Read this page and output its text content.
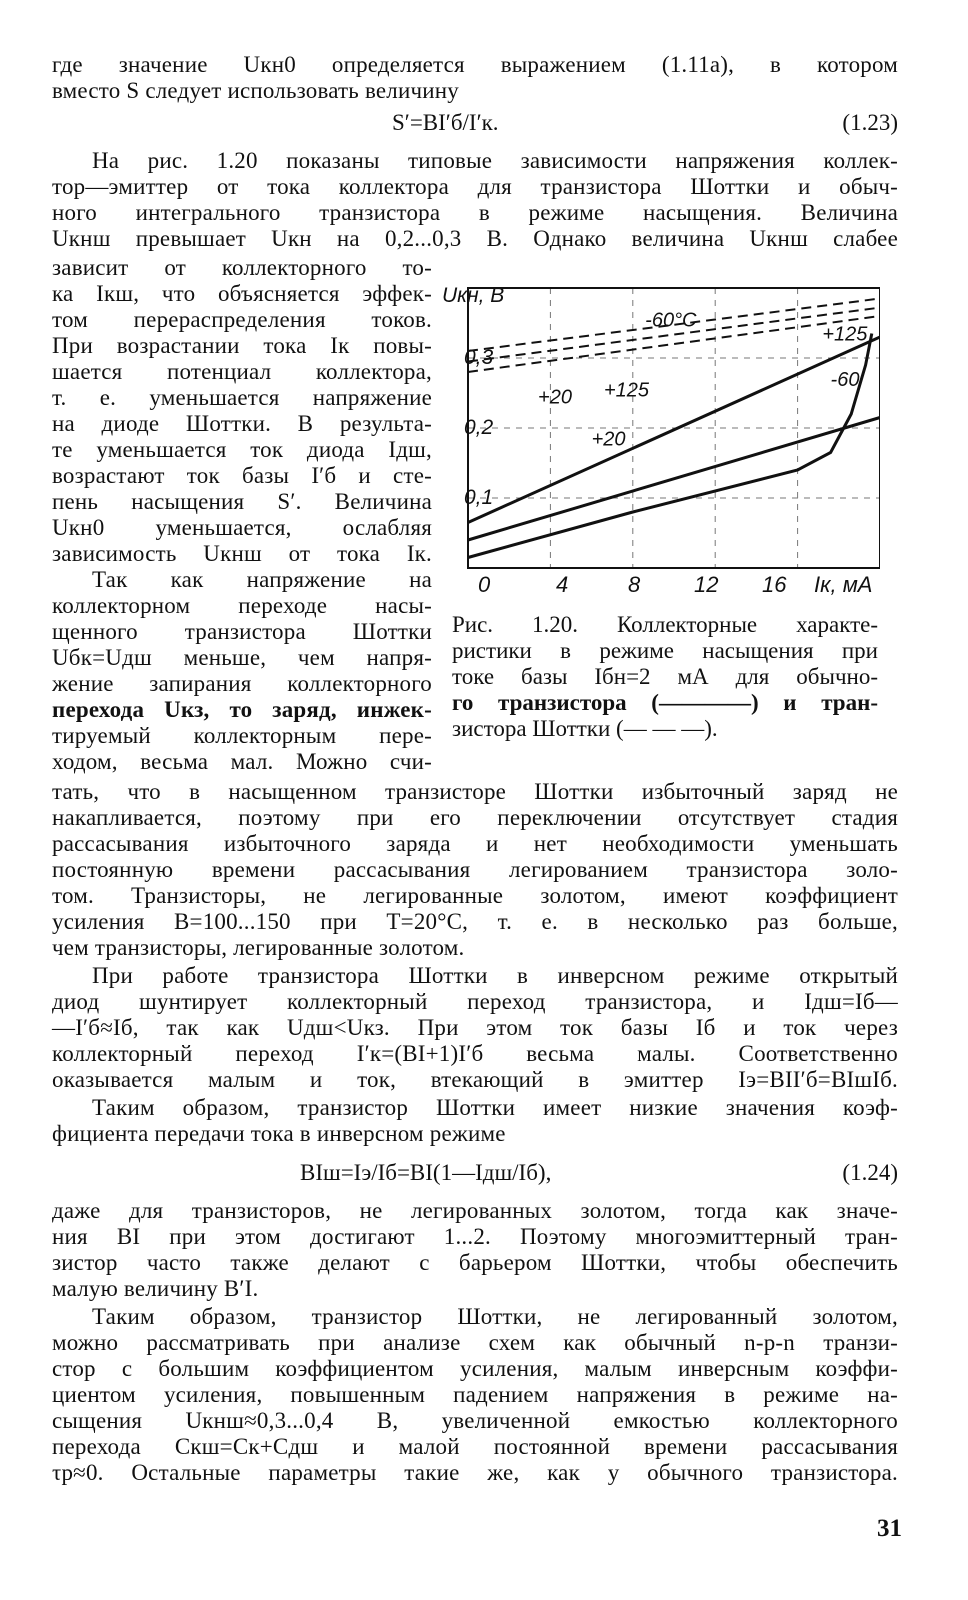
где значение Uкн0 определяется выражением (1.11а), в котором
вместо S следует использовать величину
S′=BI′б/I′к.	(1.23)
На рис. 1.20 показаны типовые зависимости напряжения коллек-
тор—эмиттер от тока коллектора для транзистора Шоттки и обыч-
ного интегрального транзистора в режиме насыщения. Величина
Uкнш превышает Uкн на 0,2...0,3 В. Однако величина Uкнш слабее
зависит от коллекторного то-
ка Iкш, что объясняется эффек-
том перераспределения токов.
При возрастании тока Iк повы-
шается потенциал коллектора,
т. е. уменьшается напряжение
на диоде Шоттки. В результа-
те уменьшается ток диода Iдш,
возрастают ток базы I′б и сте-
пень насыщения S′. Величина
Uкн0 уменьшается, ослабляя
зависимость Uкнш от тока Iк.
Так как напряжение на
коллекторном переходе насы-
щенного транзистора Шоттки
Uбк=Uдш меньше, чем напря-
жение запирания коллекторного
перехода Uкз, то заряд, инжек-
тируемый коллекторным пере-
ходом, весьма мал. Можно счи-
-60°C
+20 +125
+125
-60
+20
Uкн, В
Iк, мА
0,1
0,2
0,3
0	4	8 12 16
Рис. 1.20. Коллекторные характе-
ристики в режиме насыщения при
токе базы Iбн=2 мА для обычно-
го транзистора (————) и тран-
зистора Шоттки (— — —).
тать, что в насыщенном транзисторе Шоттки избыточный заряд не
накапливается, поэтому при его переключении отсутствует стадия
рассасывания избыточного заряда и нет необходимости уменьшать
постоянную времени рассасывания легированием транзистора золо-
том. Транзисторы, не легированные золотом, имеют коэффициент
усиления B=100...150 при T=20°С, т. е. в несколько раз больше,
чем транзисторы, легированные золотом.
При работе транзистора Шоттки в инверсном режиме открытый
диод шунтирует коллекторный переход транзистора, и Iдш=Iб—
—I′б≈Iб, так как Uдш<Uкз. При этом ток базы Iб и ток через
коллекторный переход I′к=(BI+1)I′б весьма малы. Соответственно
оказывается малым и ток, втекающий в эмиттер Iэ=BII′б=BIшIб.
Таким образом, транзистор Шоттки имеет низкие значения коэф-
фициента передачи тока в инверсном режиме
BIш=Iэ/Iб=BI(1—Iдш/Iб),	(1.24)
даже для транзисторов, не легированных золотом, тогда как значе-
ния BI при этом достигают 1...2. Поэтому многоэмиттерный тран-
зистор часто также делают с барьером Шоттки, чтобы обеспечить
малую величину B′I.
Таким образом, транзистор Шоттки, не легированный золотом,
можно рассматривать при анализе схем как обычный n-p-n транзи-
стор с большим коэффициентом усиления, малым инверсным коэффи-
циентом усиления, повышенным падением напряжения в режиме на-
сыщения Uкнш≈0,3...0,4 В, увеличенной емкостью коллекторного
перехода Cкш=Cк+Cдш и малой постоянной времени рассасывания
τр≈0. Остальные параметры такие же, как у обычного транзистора.
31
